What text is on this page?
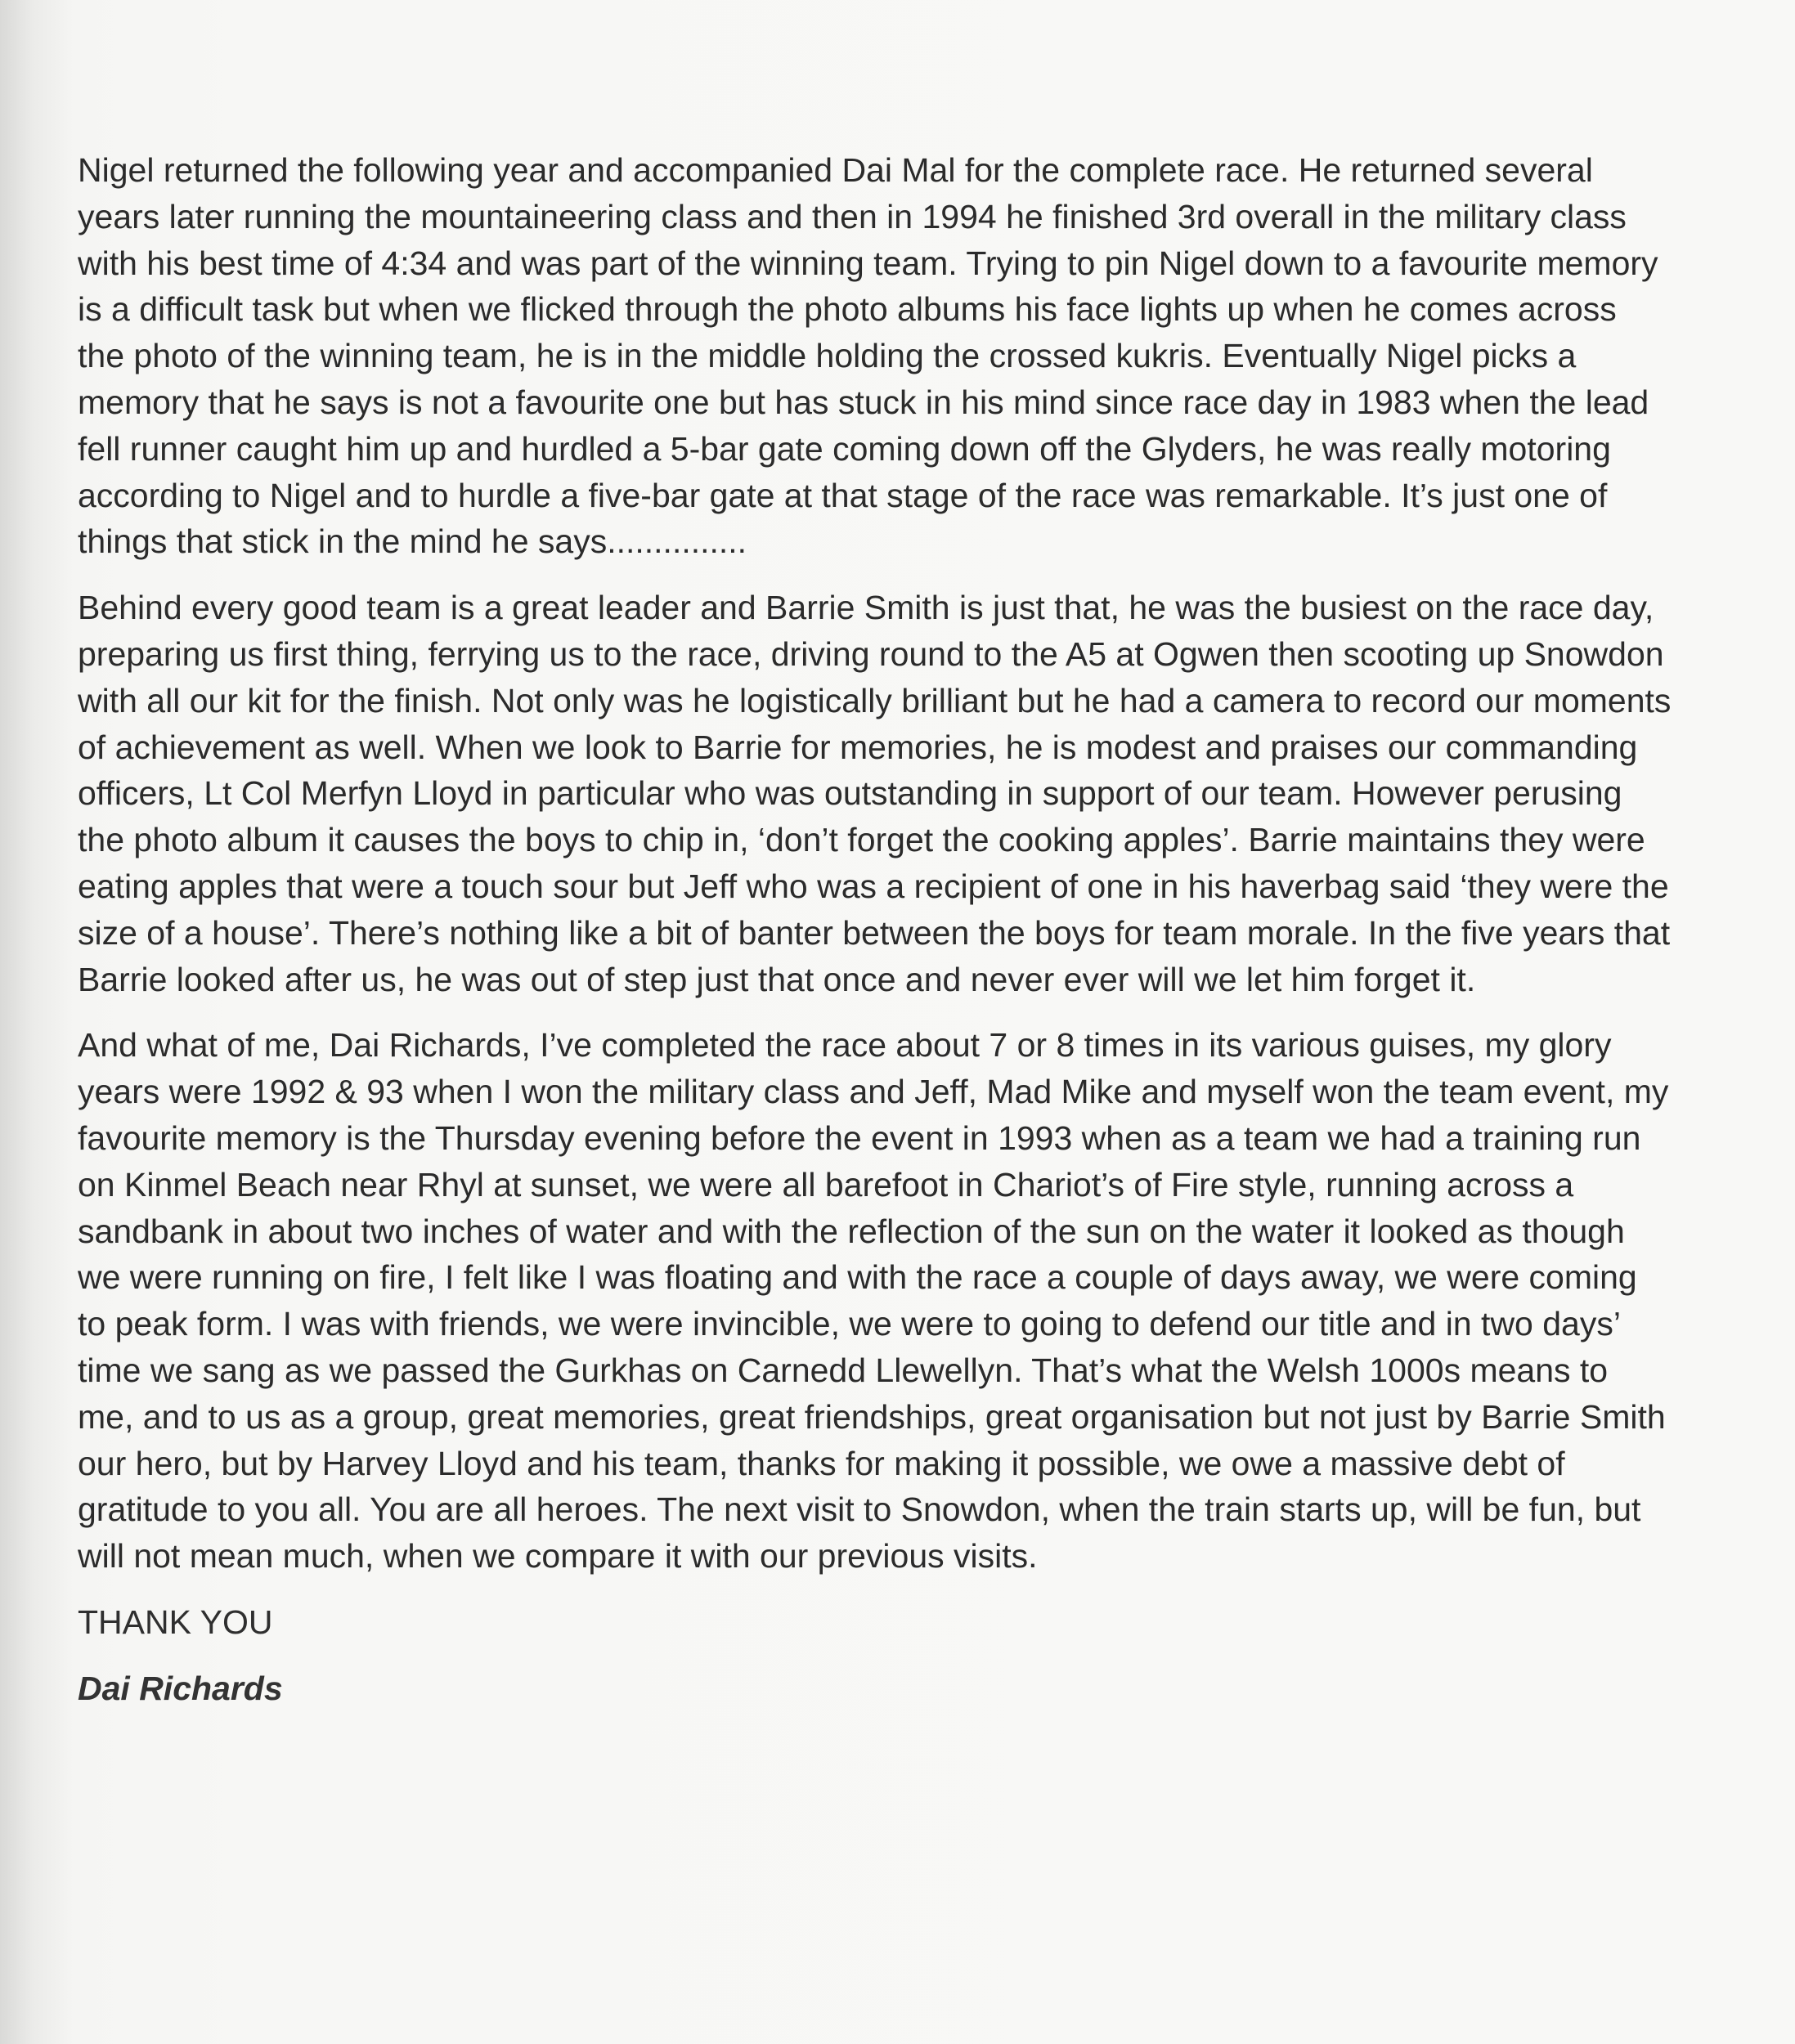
Nigel returned the following year and accompanied Dai Mal for the complete race. He returned several years later running the mountaineering class and then in 1994 he finished 3rd overall in the military class with his best time of 4:34 and was part of the winning team. Trying to pin Nigel down to a favourite memory is a difficult task but when we flicked through the photo albums his face lights up when he comes across the photo of the winning team, he is in the middle holding the crossed kukris. Eventually Nigel picks a memory that he says is not a favourite one but has stuck in his mind since race day in 1983 when the lead fell runner caught him up and hurdled a 5-bar gate coming down off the Glyders, he was really motoring according to Nigel and to hurdle a five-bar gate at that stage of the race was remarkable. It’s just one of things that stick in the mind he says...............

Behind every good team is a great leader and Barrie Smith is just that, he was the busiest on the race day, preparing us first thing, ferrying us to the race, driving round to the A5 at Ogwen then scooting up Snowdon with all our kit for the finish. Not only was he logistically brilliant but he had a camera to record our moments of achievement as well. When we look to Barrie for memories, he is modest and praises our commanding officers, Lt Col Merfyn Lloyd in particular who was outstanding in support of our team. However perusing the photo album it causes the boys to chip in, ‘don’t forget the cooking apples’. Barrie maintains they were eating apples that were a touch sour but Jeff who was a recipient of one in his haverbag said ‘they were the size of a house’. There’s nothing like a bit of banter between the boys for team morale. In the five years that Barrie looked after us, he was out of step just that once and never ever will we let him forget it.

And what of me, Dai Richards, I’ve completed the race about 7 or 8 times in its various guises, my glory years were 1992 & 93 when I won the military class and Jeff, Mad Mike and myself won the team event, my favourite memory is the Thursday evening before the event in 1993 when as a team we had a training run on Kinmel Beach near Rhyl at sunset, we were all barefoot in Chariot’s of Fire style, running across a sandbank in about two inches of water and with the reflection of the sun on the water it looked as though we were running on fire, I felt like I was floating and with the race a couple of days away, we were coming to peak form. I was with friends, we were invincible, we were to going to defend our title and in two days’ time we sang as we passed the Gurkhas on Carnedd Llewellyn. That’s what the Welsh 1000s means to me, and to us as a group, great memories, great friendships, great organisation but not just by Barrie Smith our hero, but by Harvey Lloyd and his team, thanks for making it possible, we owe a massive debt of gratitude to you all. You are all heroes. The next visit to Snowdon, when the train starts up, will be fun, but will not mean much, when we compare it with our previous visits.

THANK YOU

Dai Richards
